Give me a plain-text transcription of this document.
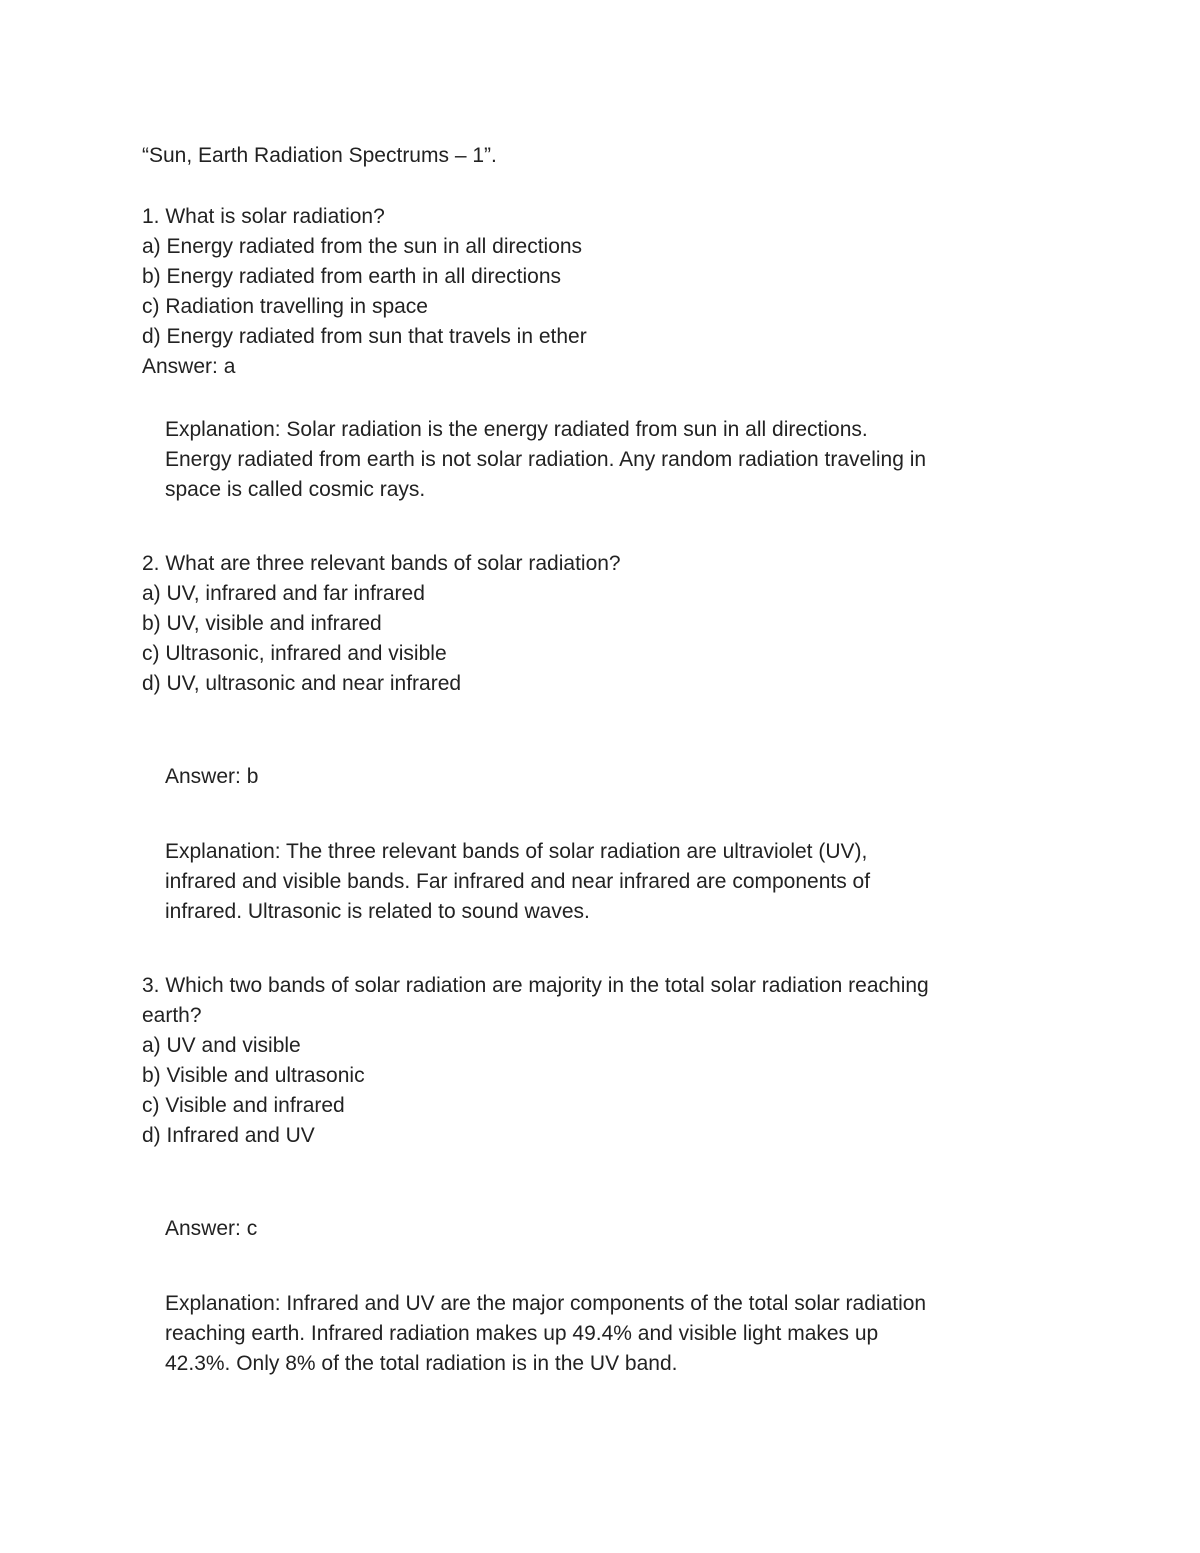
“Sun, Earth Radiation Spectrums – 1”.
1. What is solar radiation?
a) Energy radiated from the sun in all directions
b) Energy radiated from earth in all directions
c) Radiation travelling in space
d) Energy radiated from sun that travels in ether
Answer: a
Explanation: Solar radiation is the energy radiated from sun in all directions.
Energy radiated from earth is not solar radiation. Any random radiation traveling in
space is called cosmic rays.
2. What are three relevant bands of solar radiation?
a) UV, infrared and far infrared
b) UV, visible and infrared
c) Ultrasonic, infrared and visible
d) UV, ultrasonic and near infrared
Answer: b
Explanation: The three relevant bands of solar radiation are ultraviolet (UV),
infrared and visible bands. Far infrared and near infrared are components of
infrared. Ultrasonic is related to sound waves.
3. Which two bands of solar radiation are majority in the total solar radiation reaching
earth?
a) UV and visible
b) Visible and ultrasonic
c) Visible and infrared
d) Infrared and UV
Answer: c
Explanation: Infrared and UV are the major components of the total solar radiation
reaching earth. Infrared radiation makes up 49.4% and visible light makes up
42.3%. Only 8% of the total radiation is in the UV band.
